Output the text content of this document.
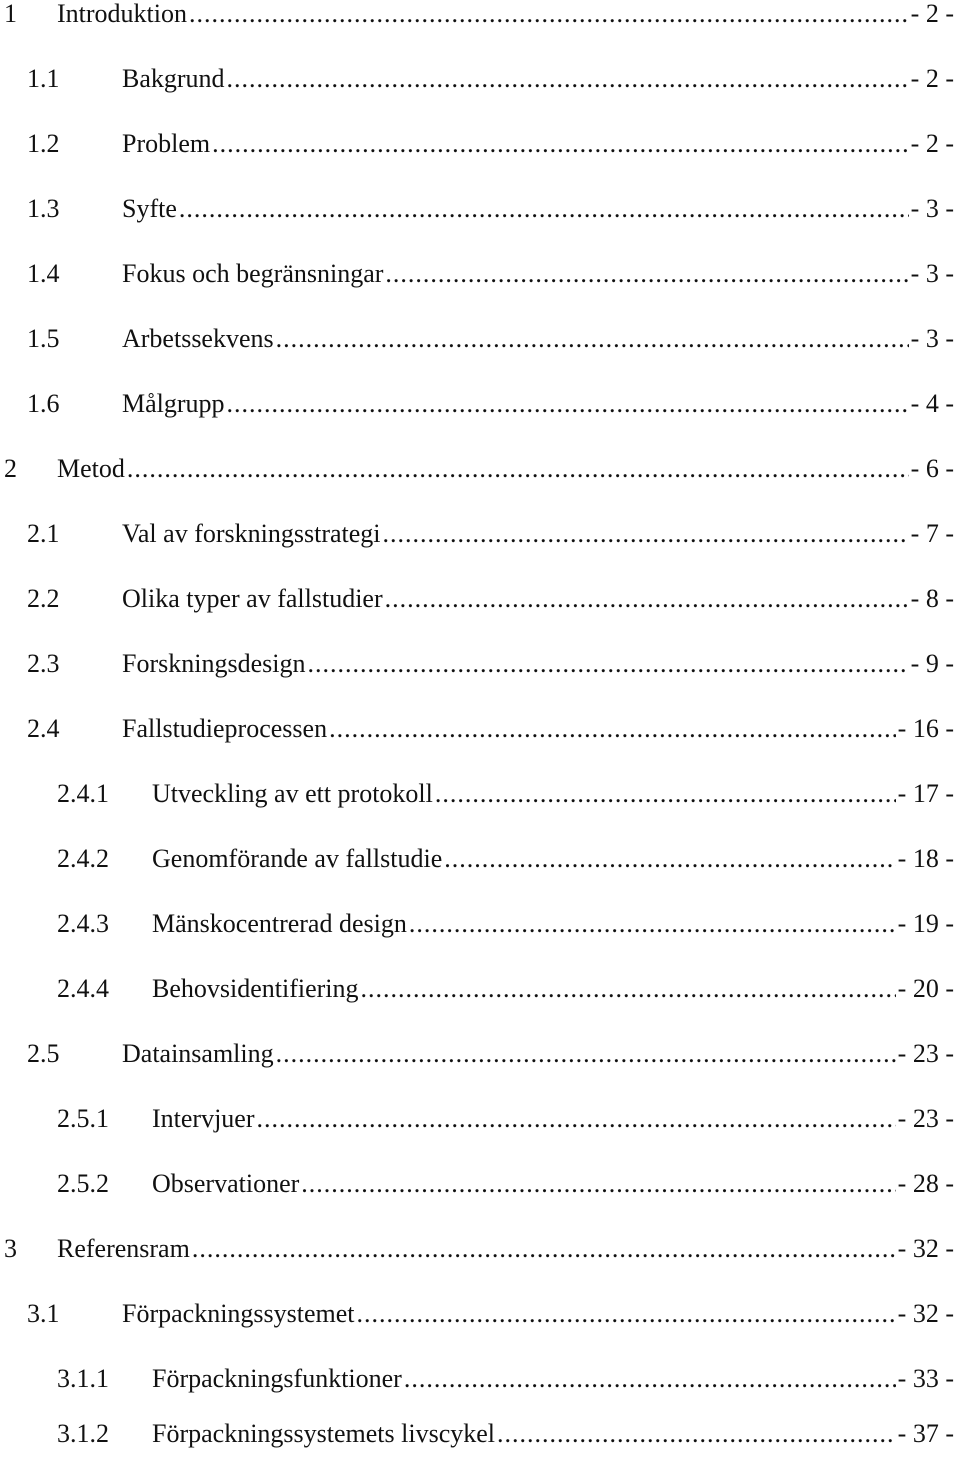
1 Introduktion .....	- 2 -
1.1 Bakgrund .....	- 2 -
1.2 Problem .....	- 2 -
1.3 Syfte .....	- 3 -
1.4 Fokus och begränsningar .....	- 3 -
1.5 Arbetssekvens .....	- 3 -
1.6 Målgrupp .....	- 4 -
2 Metod .....	- 6 -
2.1 Val av forskningsstrategi .....	- 7 -
2.2 Olika typer av fallstudier .....	- 8 -
2.3 Forskningsdesign .....	- 9 -
2.4 Fallstudieprocessen .....	- 16 -
2.4.1 Utveckling av ett protokoll .....	- 17 -
2.4.2 Genomförande av fallstudie .....	- 18 -
2.4.3 Mänskocentrerad design .....	- 19 -
2.4.4 Behovsidentifiering .....	- 20 -
2.5 Datainsamling .....	- 23 -
2.5.1 Intervjuer .....	- 23 -
2.5.2 Observationer .....	- 28 -
3 Referensram .....	- 32 -
3.1 Förpackningssystemet .....	- 32 -
3.1.1 Förpackningsfunktioner .....	- 33 -
3.1.2 Förpackningssystemets livscykel .....	- 37 -
